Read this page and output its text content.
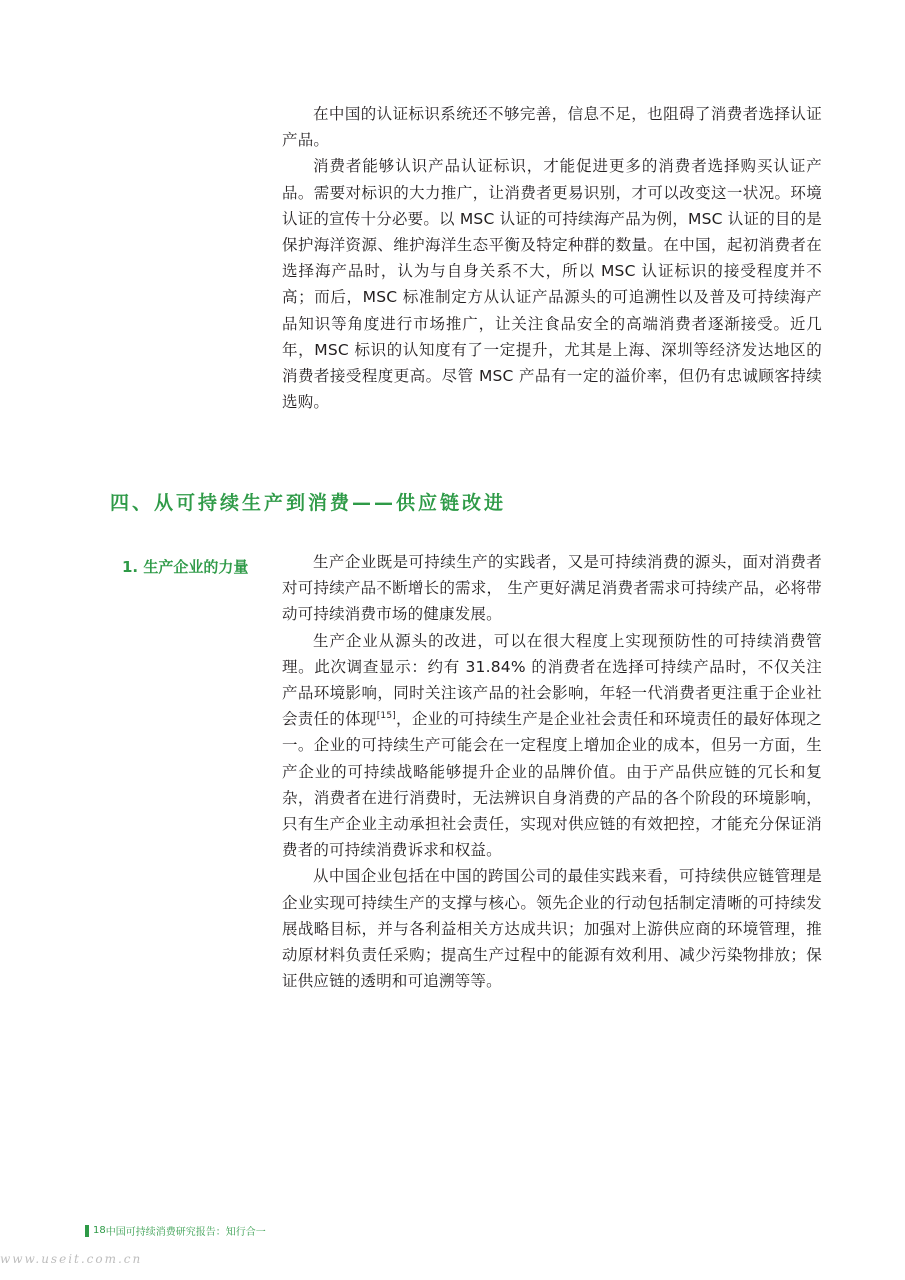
在中国的认证标识系统还不够完善，信息不足，也阻碍了消费者选择认证产品。

消费者能够认识产品认证标识，才能促进更多的消费者选择购买认证产品。需要对标识的大力推广，让消费者更易识别，才可以改变这一状况。环境认证的宣传十分必要。以 MSC 认证的可持续海产品为例，MSC 认证的目的是保护海洋资源、维护海洋生态平衡及特定种群的数量。在中国，起初消费者在选择海产品时，认为与自身关系不大，所以 MSC 认证标识的接受程度并不高；而后，MSC 标准制定方从认证产品源头的可追溯性以及普及可持续海产品知识等角度进行市场推广，让关注食品安全的高端消费者逐渐接受。近几年，MSC 标识的认知度有了一定提升，尤其是上海、深圳等经济发达地区的消费者接受程度更高。尽管 MSC 产品有一定的溢价率，但仍有忠诚顾客持续选购。

四、从可持续生产到消费——供应链改进
1. 生产企业的力量	生产企业既是可持续生产的实践者，又是可持续消费的源头，面对消费者对可持续产品不断增长的需求， 生产更好满足消费者需求可持续产品，必将带动可持续消费市场的健康发展。

生产企业从源头的改进，可以在很大程度上实现预防性的可持续消费管理。此次调查显示：约有 31.84% 的消费者在选择可持续产品时，不仅关注产品环境影响，同时关注该产品的社会影响，年轻一代消费者更注重于企业社会责任的体现[15]，企业的可持续生产是企业社会责任和环境责任的最好体现之一。企业的可持续生产可能会在一定程度上增加企业的成本，但另一方面，生产企业的可持续战略能够提升企业的品牌价值。由于产品供应链的冗长和复杂，消费者在进行消费时，无法辨识自身消费的产品的各个阶段的环境影响，只有生产企业主动承担社会责任，实现对供应链的有效把控，才能充分保证消费者的可持续消费诉求和权益。

从中国企业包括在中国的跨国公司的最佳实践来看，可持续供应链管理是企业实现可持续生产的支撑与核心。领先企业的行动包括制定清晰的可持续发展战略目标，并与各利益相关方达成共识；加强对上游供应商的环境管理，推动原材料负责任采购；提高生产过程中的能源有效利用、减少污染物排放；保证供应链的透明和可追溯等等。

18 中国可持续消费研究报告：知行合一
www.useit.com.cn
